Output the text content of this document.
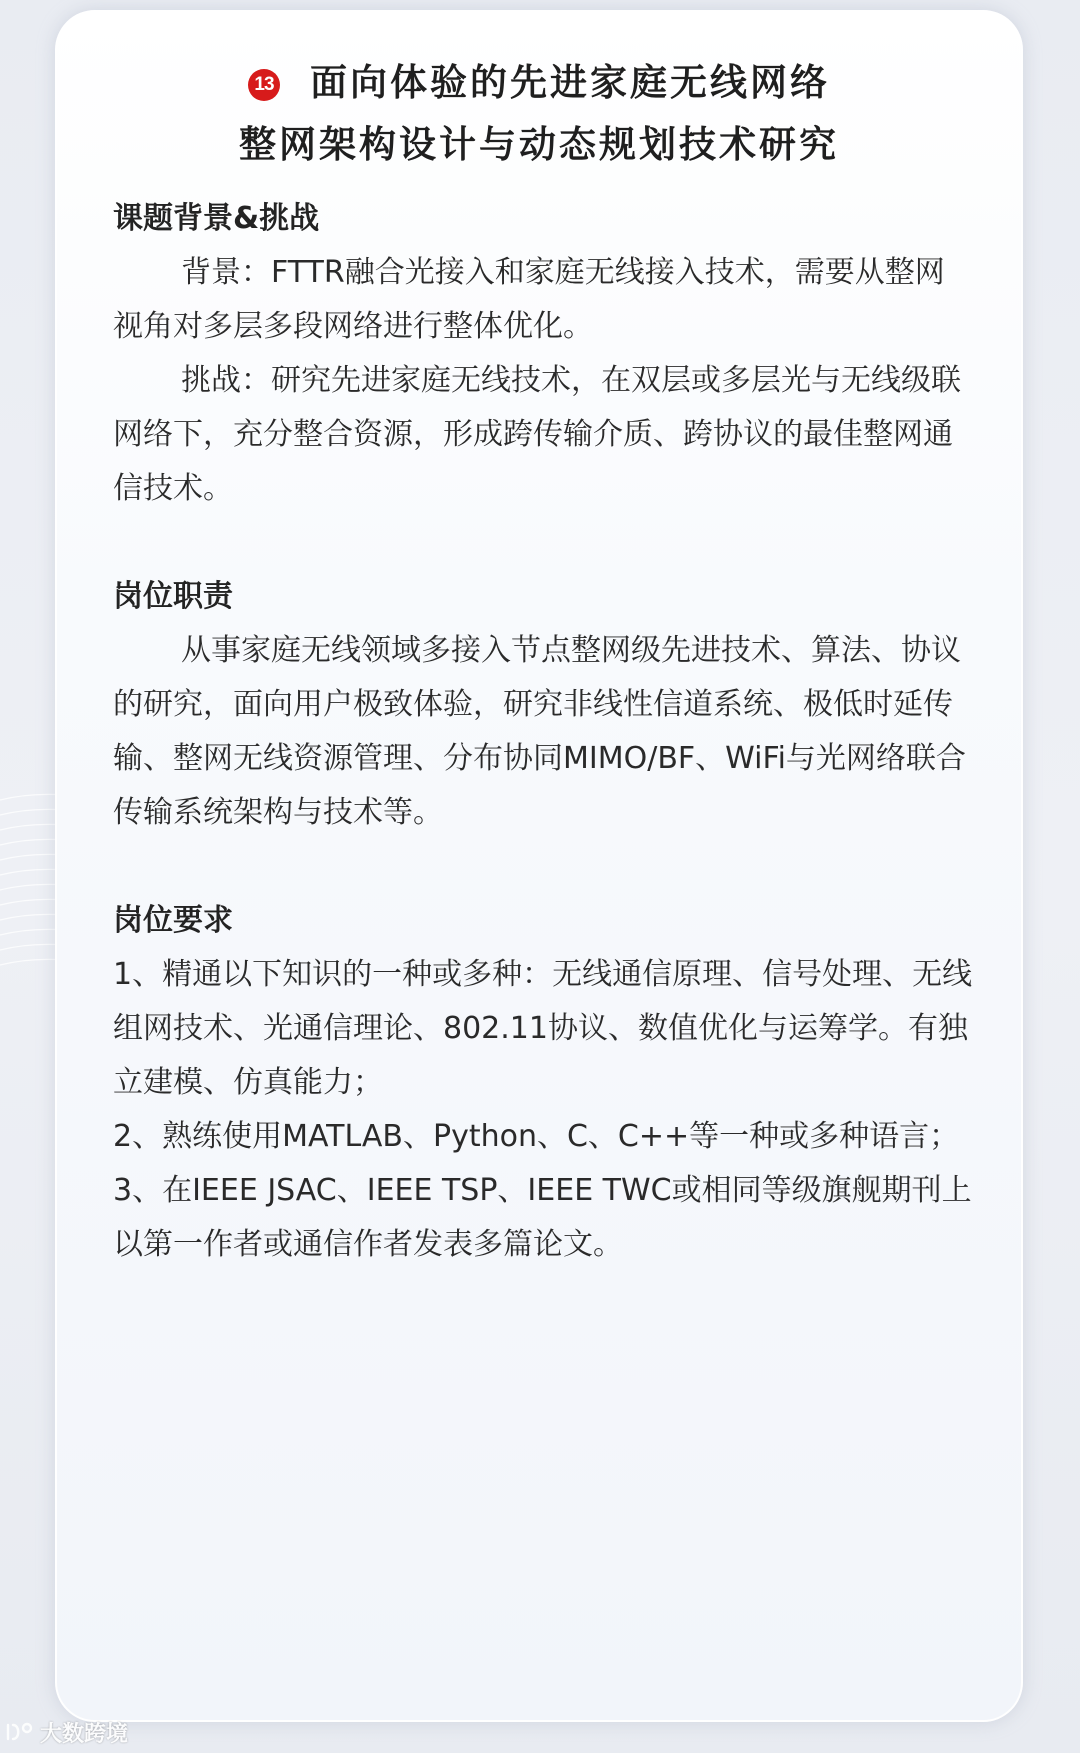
13 面向体验的先进家庭无线网络
整网架构设计与动态规划技术研究

课题背景&挑战

背景：FTTR融合光接入和家庭无线接入技术，需要从整网视角对多层多段网络进行整体优化。

挑战：研究先进家庭无线技术，在双层或多层光与无线级联网络下，充分整合资源，形成跨传输介质、跨协议的最佳整网通信技术。

岗位职责

从事家庭无线领域多接入节点整网级先进技术、算法、协议的研究，面向用户极致体验，研究非线性信道系统、极低时延传输、整网无线资源管理、分布协同MIMO/BF、WiFi与光网络联合传输系统架构与技术等。

岗位要求

1、精通以下知识的一种或多种：无线通信原理、信号处理、无线组网技术、光通信理论、802.11协议、数值优化与运筹学。有独立建模、仿真能力；

2、熟练使用MATLAB、Python、C、C++等一种或多种语言；

3、在IEEE JSAC、IEEE TSP、IEEE TWC或相同等级旗舰期刊上以第一作者或通信作者发表多篇论文。

大数跨境
